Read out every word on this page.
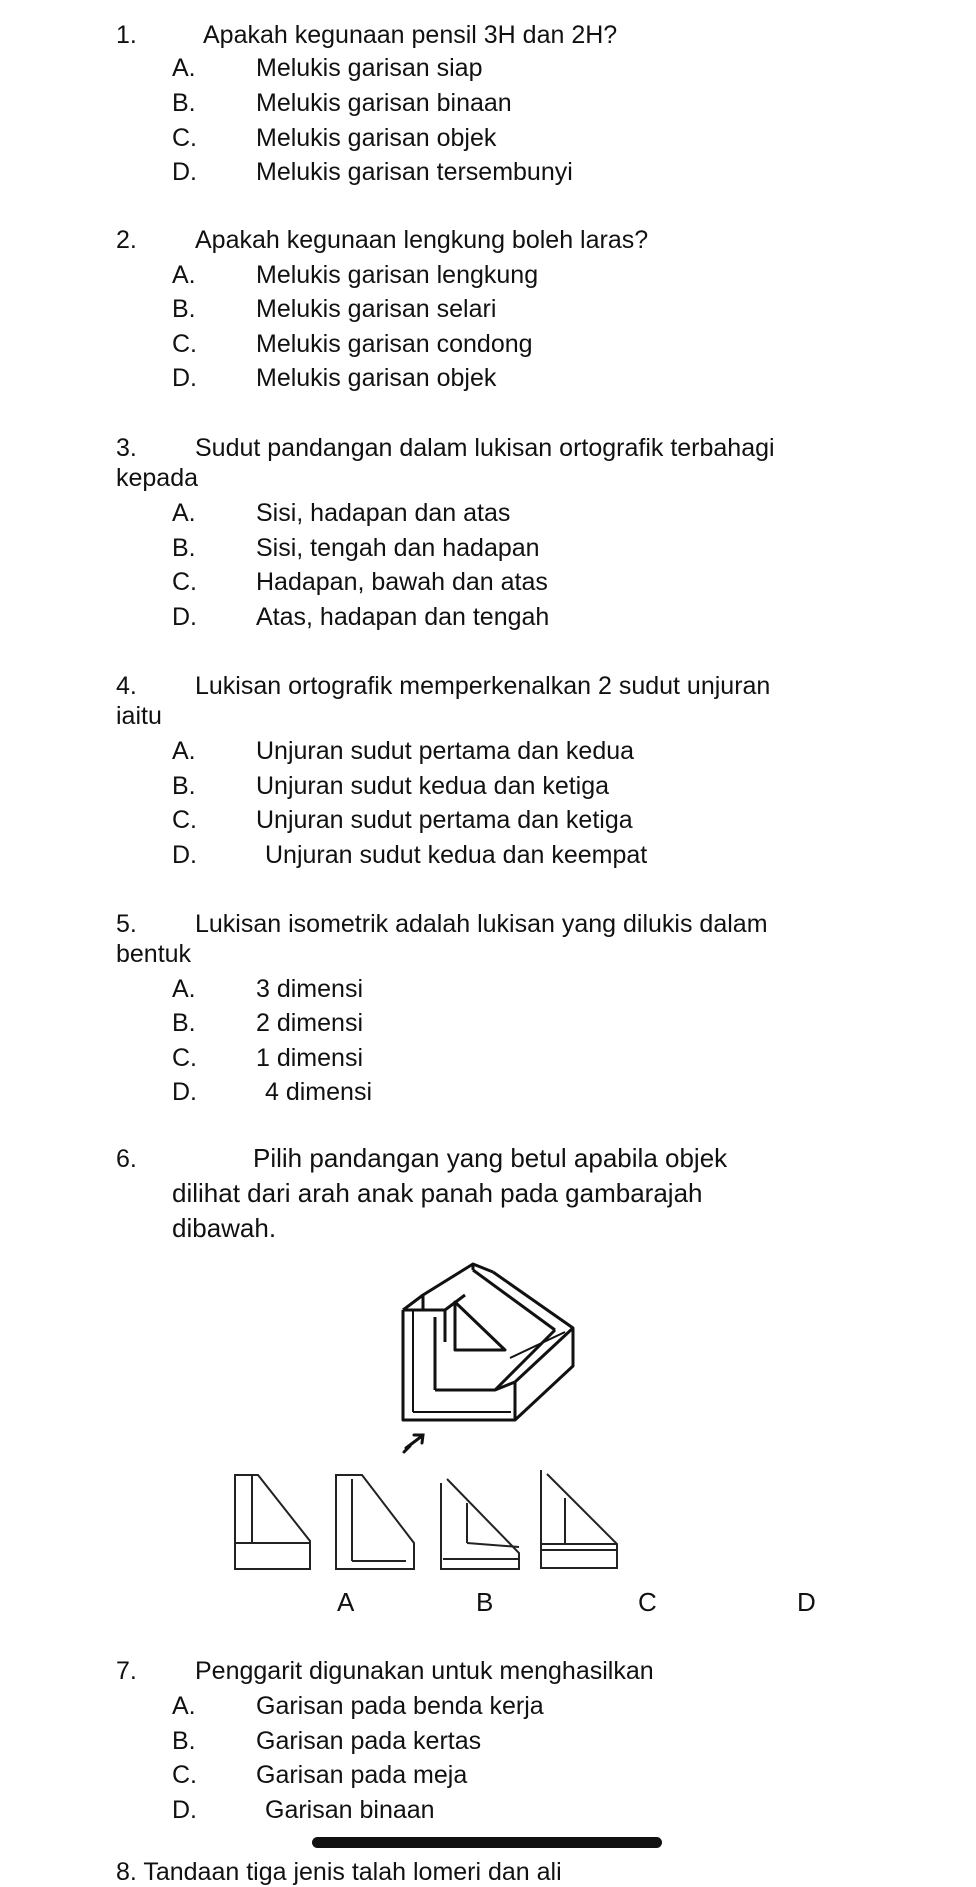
1.	Apakah kegunaan pensil 3H dan 2H?
A. Melukis garisan siap
B. Melukis garisan binaan
C. Melukis garisan objek
D. Melukis garisan tersembunyi
2. Apakah kegunaan lengkung boleh laras?
A. Melukis garisan lengkung
B. Melukis garisan selari
C. Melukis garisan condong
D. Melukis garisan objek
3. Sudut pandangan dalam lukisan ortografik terbahagi
kepada
A. Sisi, hadapan dan atas
B. Sisi, tengah dan hadapan
C. Hadapan, bawah dan atas
D. Atas, hadapan dan tengah
4. Lukisan ortografik memperkenalkan 2 sudut unjuran
iaitu
A. Unjuran sudut pertama dan kedua
B. Unjuran sudut kedua dan ketiga
C. Unjuran sudut pertama dan ketiga
D.	Unjuran sudut kedua dan keempat
5. Lukisan isometrik adalah lukisan yang dilukis dalam
bentuk
A. 3 dimensi
B. 2 dimensi
C. 1 dimensi
D.	4 dimensi
6.	Pilih pandangan yang betul apabila objek
dilihat dari arah anak panah pada gambarajah
dibawah.
A	B	C	D
7. Penggarit digunakan untuk menghasilkan
A. Garisan pada benda kerja
B. Garisan pada kertas
C. Garisan pada meja
D.	Garisan binaan
8. Tandaan tiga jenis talah lomeri dan ali
